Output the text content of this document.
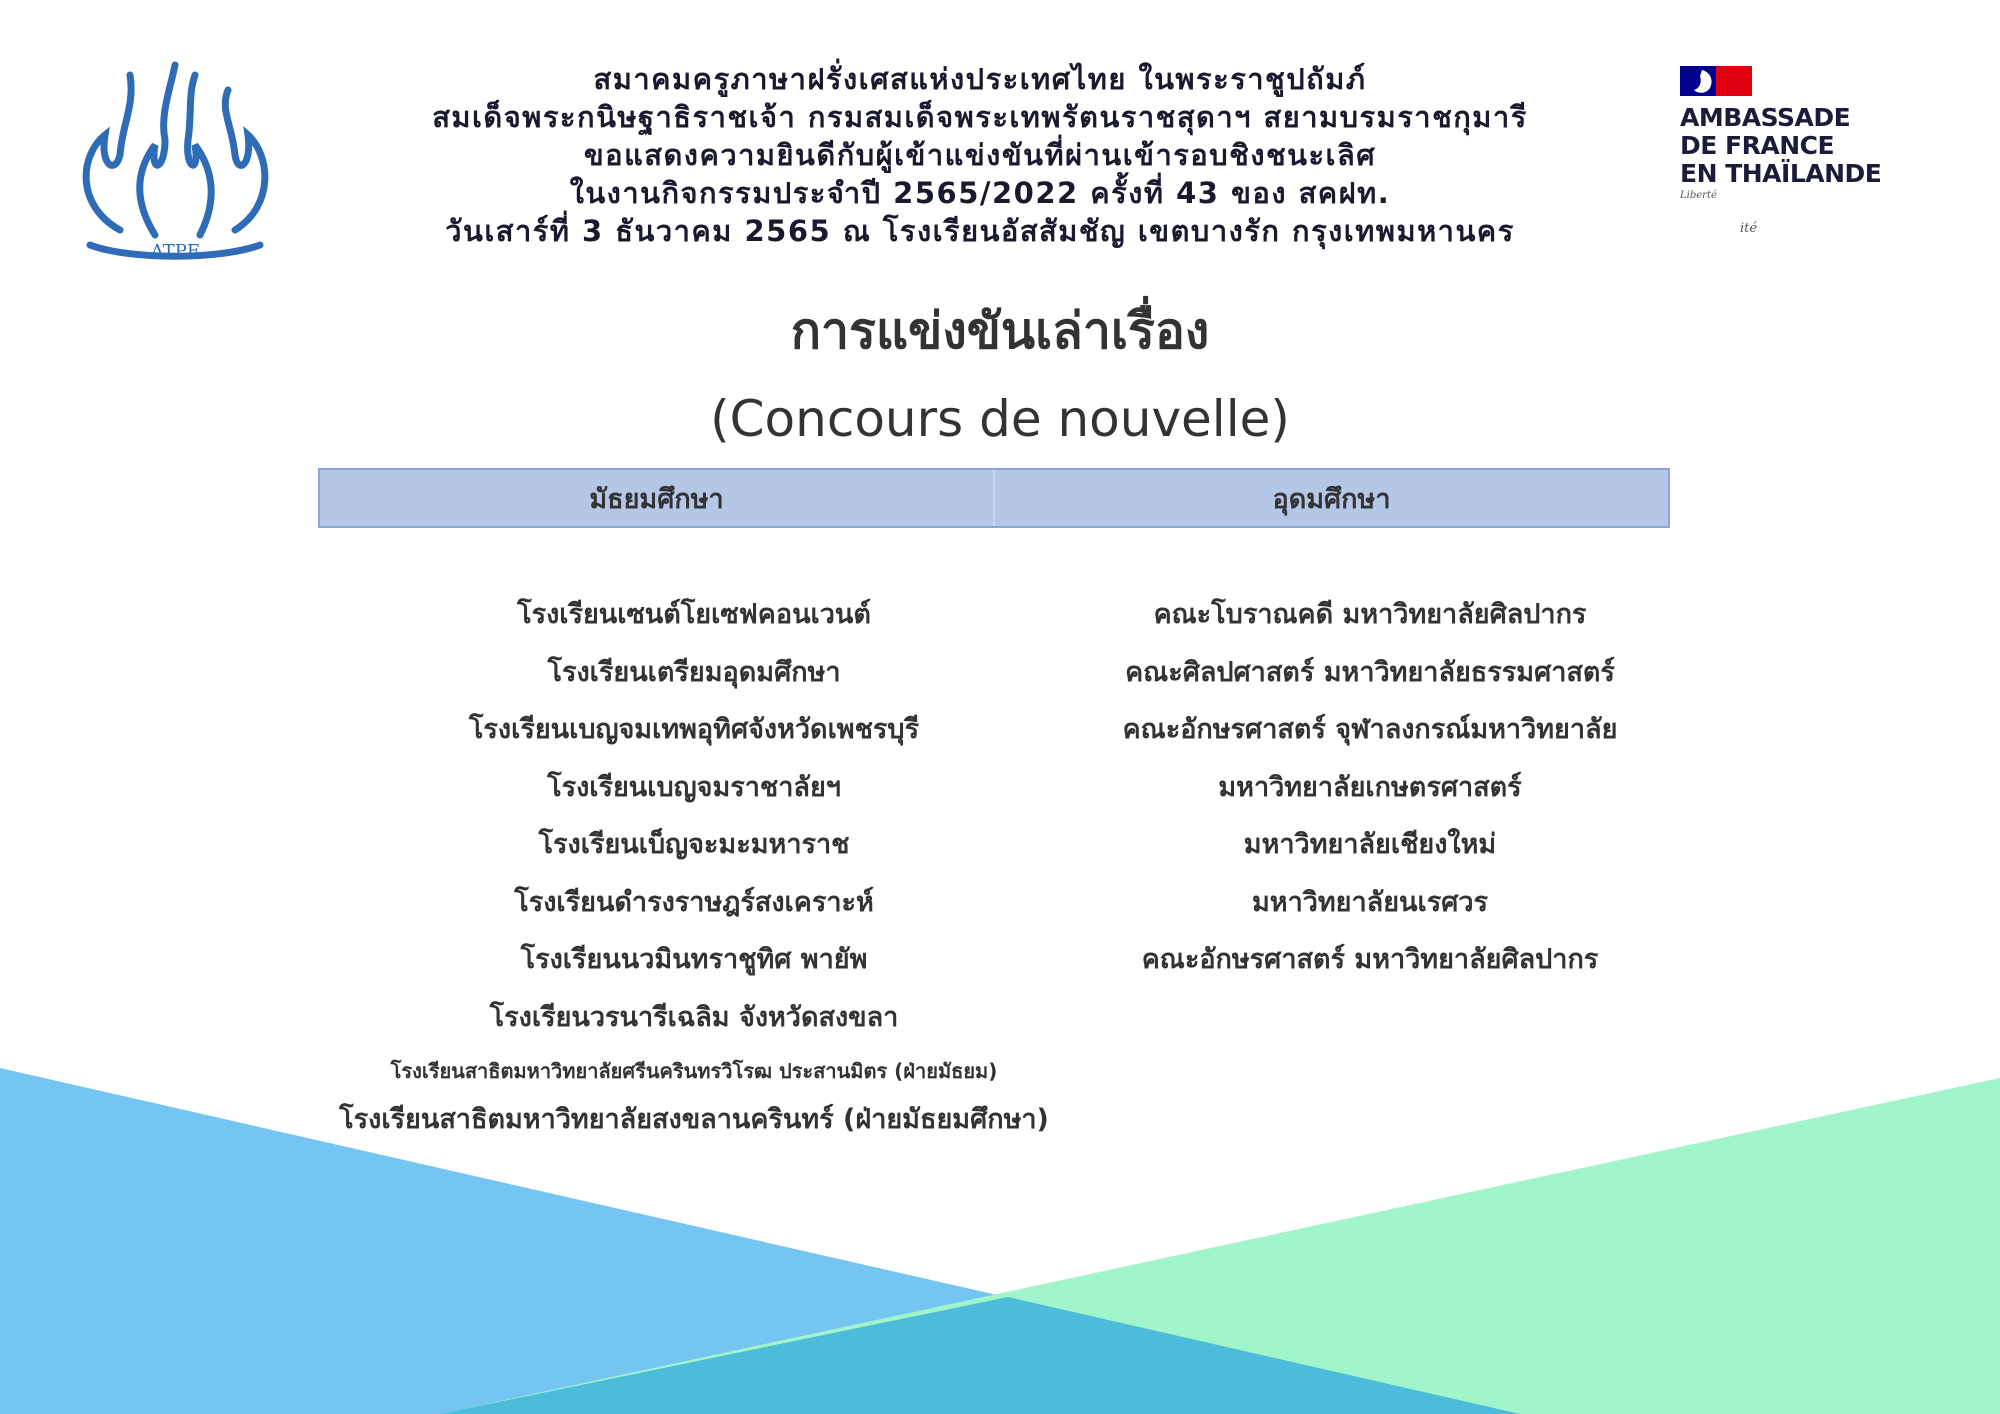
ATPF
สมาคมครูภาษาฝรั่งเศสแห่งประเทศไทย ในพระราชูปถัมภ์
สมเด็จพระกนิษฐาธิราชเจ้า กรมสมเด็จพระเทพรัตนราชสุดาฯ สยามบรมราชกุมารี
ขอแสดงความยินดีกับผู้เข้าแข่งขันที่ผ่านเข้ารอบชิงชนะเลิศ
ในงานกิจกรรมประจำปี 2565/2022 ครั้งที่ 43 ของ สคฝท.
วันเสาร์ที่ 3 ธันวาคม 2565 ณ โรงเรียนอัสสัมชัญ เขตบางรัก กรุงเทพมหานคร
AMBASSADE
DE FRANCE
EN THAÏLANDE
Liberté
ité
การแข่งขันเล่าเรื่อง
(Concours de nouvelle)
มัธยมศึกษา	อุดมศึกษา
โรงเรียนเซนต์โยเซฟคอนเวนต์
โรงเรียนเตรียมอุดมศึกษา
โรงเรียนเบญจมเทพอุทิศจังหวัดเพชรบุรี
โรงเรียนเบญจมราชาลัยฯ
โรงเรียนเบ็ญจะมะมหาราช
โรงเรียนดำรงราษฎร์สงเคราะห์
โรงเรียนนวมินทราชูทิศ พายัพ
โรงเรียนวรนารีเฉลิม จังหวัดสงขลา
โรงเรียนสาธิตมหาวิทยาลัยศรีนครินทรวิโรฒ ประสานมิตร (ฝ่ายมัธยม)
โรงเรียนสาธิตมหาวิทยาลัยสงขลานครินทร์ (ฝ่ายมัธยมศึกษา)
คณะโบราณคดี มหาวิทยาลัยศิลปากร
คณะศิลปศาสตร์ มหาวิทยาลัยธรรมศาสตร์
คณะอักษรศาสตร์ จุฬาลงกรณ์มหาวิทยาลัย
มหาวิทยาลัยเกษตรศาสตร์
มหาวิทยาลัยเชียงใหม่
มหาวิทยาลัยนเรศวร
คณะอักษรศาสตร์ มหาวิทยาลัยศิลปากร
